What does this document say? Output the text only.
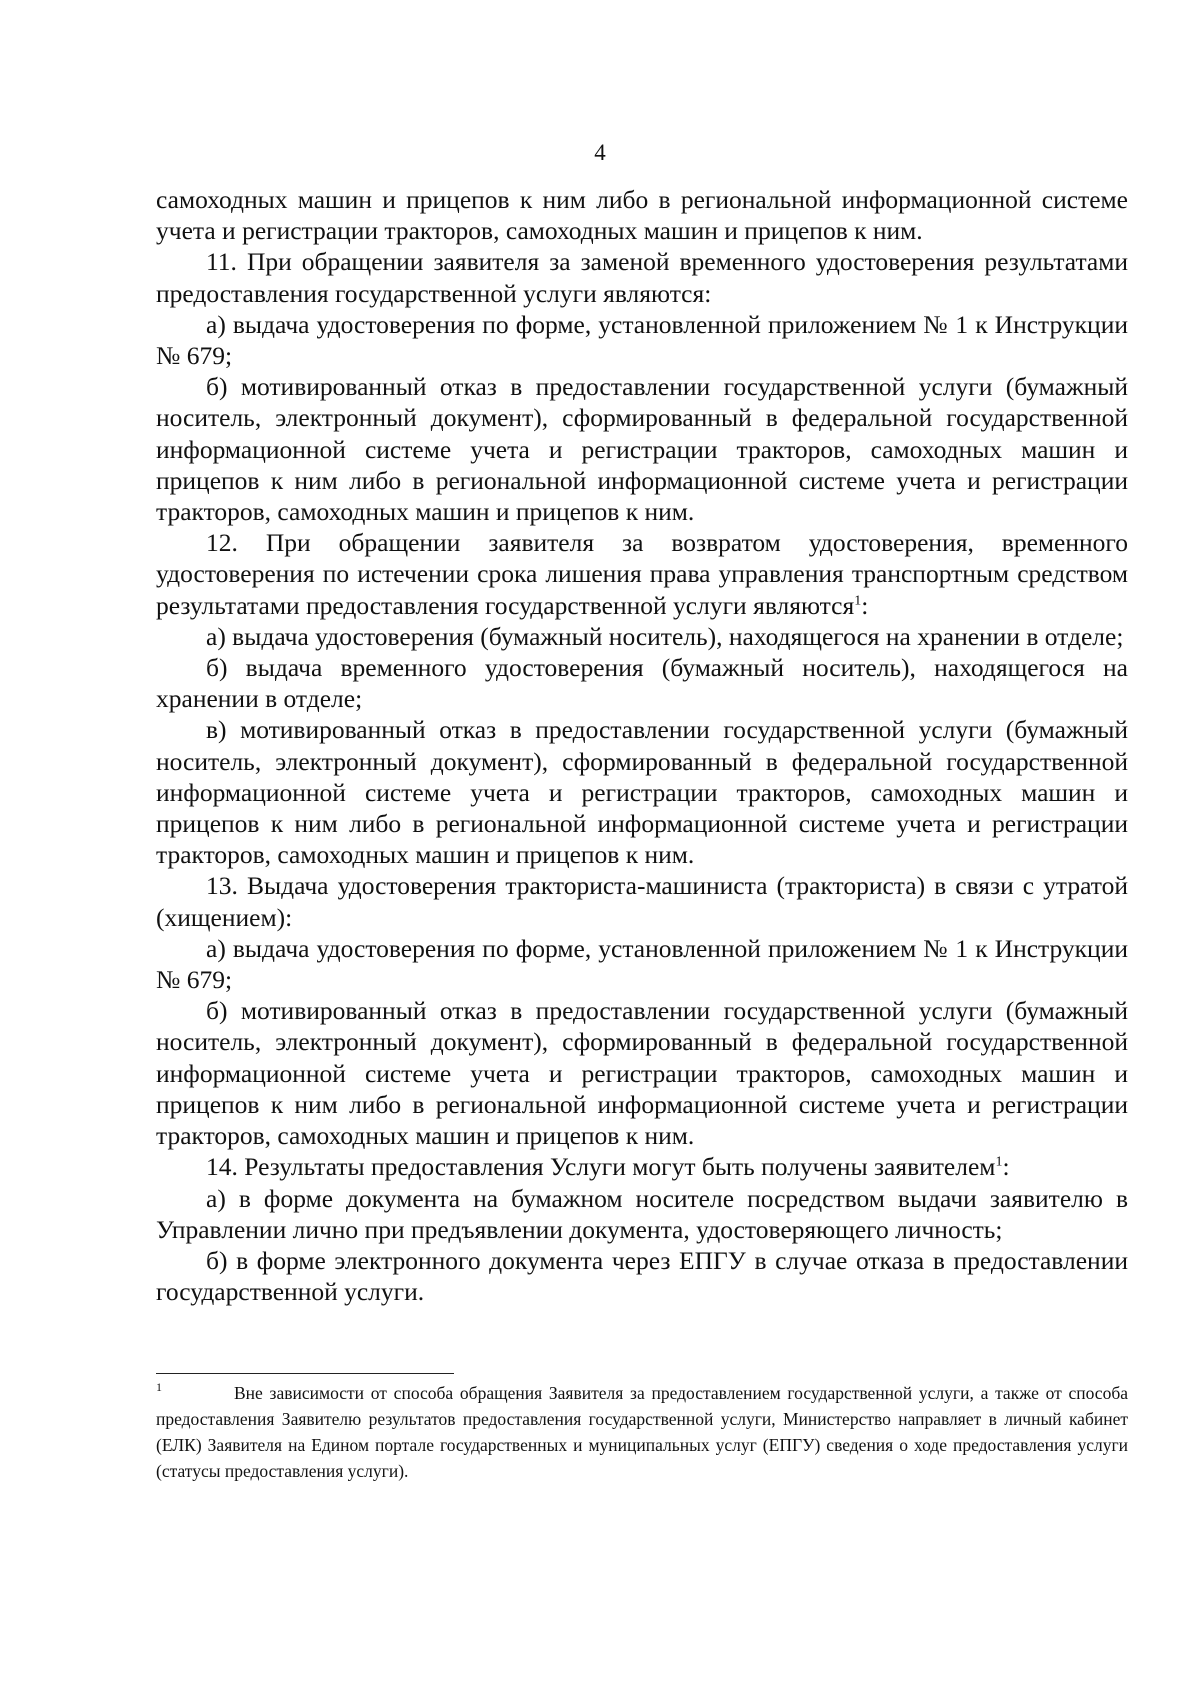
4

самоходных машин и прицепов к ним либо в региональной информационной системе учета и регистрации тракторов, самоходных машин и прицепов к ним.

11. При обращении заявителя за заменой временного удостоверения результатами предоставления государственной услуги являются:

а) выдача удостоверения по форме, установленной приложением № 1 к Инструкции № 679;

б) мотивированный отказ в предоставлении государственной услуги (бумажный носитель, электронный документ), сформированный в федеральной государственной информационной системе учета и регистрации тракторов, самоходных машин и прицепов к ним либо в региональной информационной системе учета и регистрации тракторов, самоходных машин и прицепов к ним.

12. При обращении заявителя за возвратом удостоверения, временного удостоверения по истечении срока лишения права управления транспортным средством результатами предоставления государственной услуги являются$^1$:

а) выдача удостоверения (бумажный носитель), находящегося на хранении в отделе;

б) выдача временного удостоверения (бумажный носитель), находящегося на хранении в отделе;

в) мотивированный отказ в предоставлении государственной услуги (бумажный носитель, электронный документ), сформированный в федеральной государственной информационной системе учета и регистрации тракторов, самоходных машин и прицепов к ним либо в региональной информационной системе учета и регистрации тракторов, самоходных машин и прицепов к ним.

13. Выдача удостоверения тракториста-машиниста (тракториста) в связи с утратой (хищением):

а) выдача удостоверения по форме, установленной приложением № 1 к Инструкции № 679;

б) мотивированный отказ в предоставлении государственной услуги (бумажный носитель, электронный документ), сформированный в федеральной государственной информационной системе учета и регистрации тракторов, самоходных машин и прицепов к ним либо в региональной информационной системе учета и регистрации тракторов, самоходных машин и прицепов к ним.

14. Результаты предоставления Услуги могут быть получены заявителем$^1$:

а) в форме документа на бумажном носителе посредством выдачи заявителю в Управлении лично при предъявлении документа, удостоверяющего личность;

б) в форме электронного документа через ЕПГУ в случае отказа в предоставлении государственной услуги.

1	Вне зависимости от способа обращения Заявителя за предоставлением государственной услуги, а также от способа предоставления Заявителю результатов предоставления государственной услуги, Министерство направляет в личный кабинет (ЕЛК) Заявителя на Едином портале государственных и муниципальных услуг (ЕПГУ) сведения о ходе предоставления услуги (статусы предоставления услуги).
